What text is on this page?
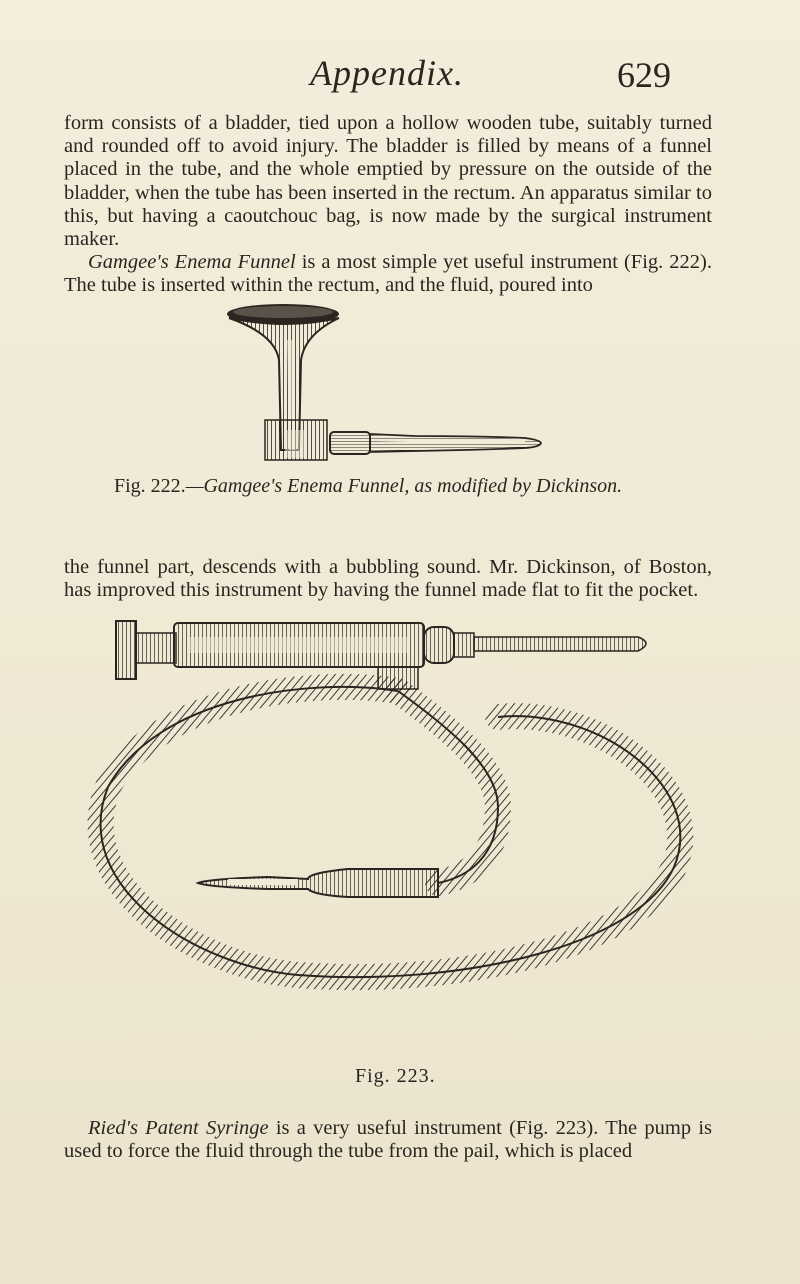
Appendix.	629
form consists of a bladder, tied upon a hollow wooden tube, suitably turned and rounded off to avoid injury. The bladder is filled by means of a funnel placed in the tube, and the whole emptied by pressure on the outside of the bladder, when the tube has been inserted in the rectum. An apparatus similar to this, but having a caoutchouc bag, is now made by the surgical instrument maker.
Gamgee's Enema Funnel is a most simple yet useful instrument (Fig. 222). The tube is inserted within the rectum, and the fluid, poured into

Fig. 222.—Gamgee's Enema Funnel, as modified by Dickinson.

the funnel part, descends with a bubbling sound. Mr. Dickinson, of Boston, has improved this instrument by having the funnel made flat to fit the pocket.

Fig. 223.

Ried's Patent Syringe is a very useful instrument (Fig. 223). The pump is used to force the fluid through the tube from the pail, which is placed
